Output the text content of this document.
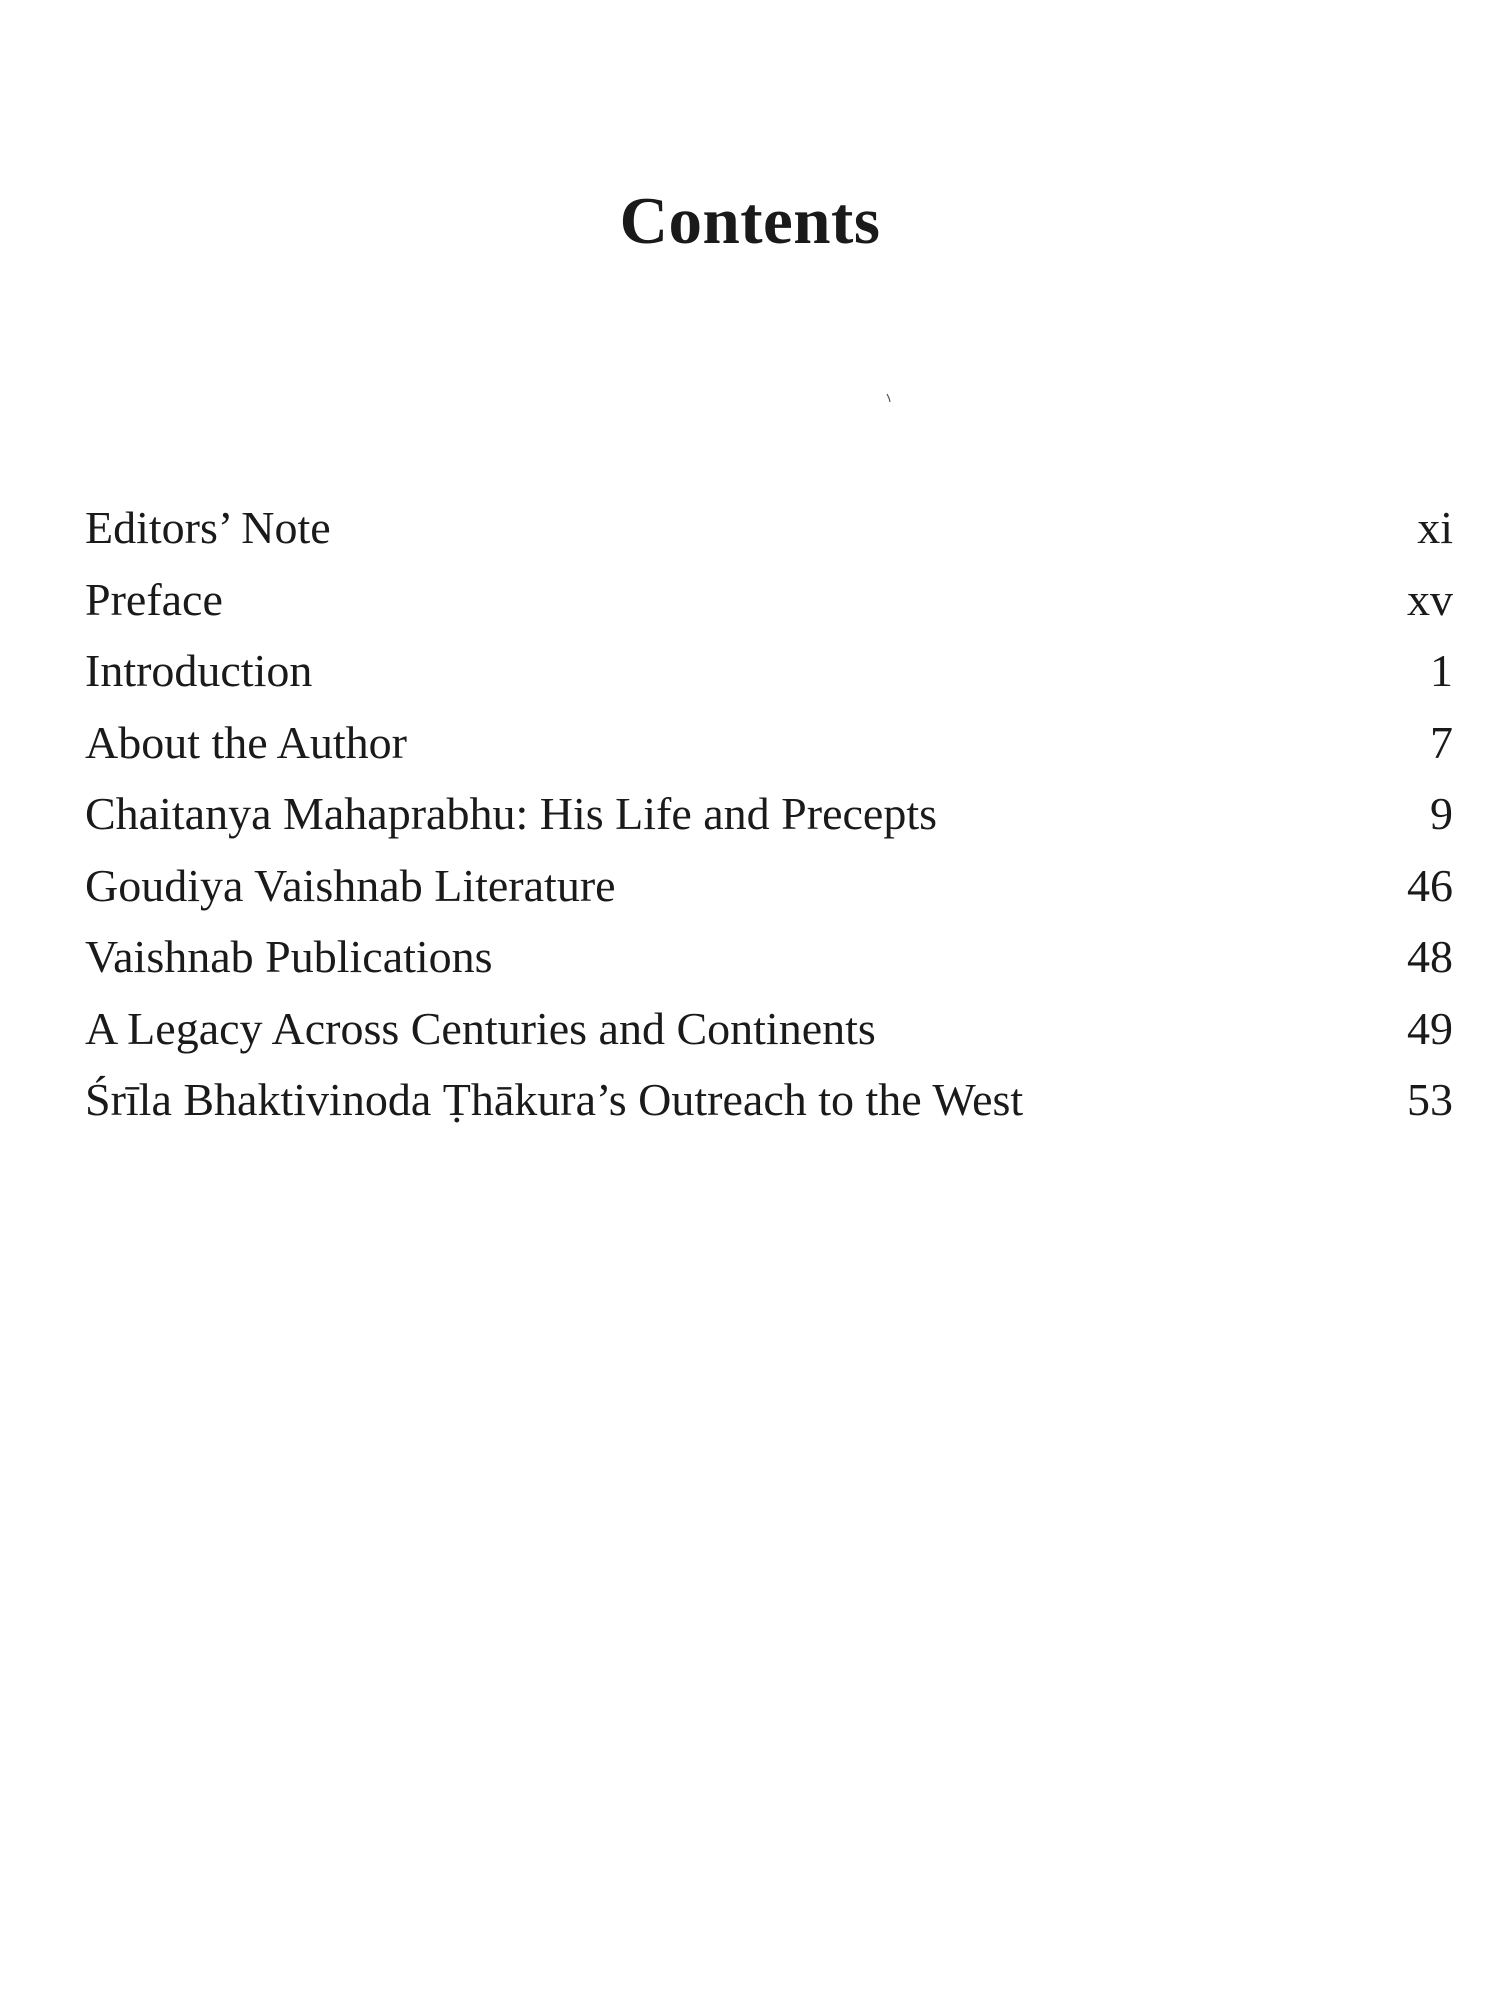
Contents
Editors’ Note	xi
Preface	xv
Introduction	1
About the Author	7
Chaitanya Mahaprabhu: His Life and Precepts	9
Goudiya Vaishnab Literature	46
Vaishnab Publications	48
A Legacy Across Centuries and Continents	49
Śrīla Bhaktivinoda Ṭhākura’s Outreach to the West	53
